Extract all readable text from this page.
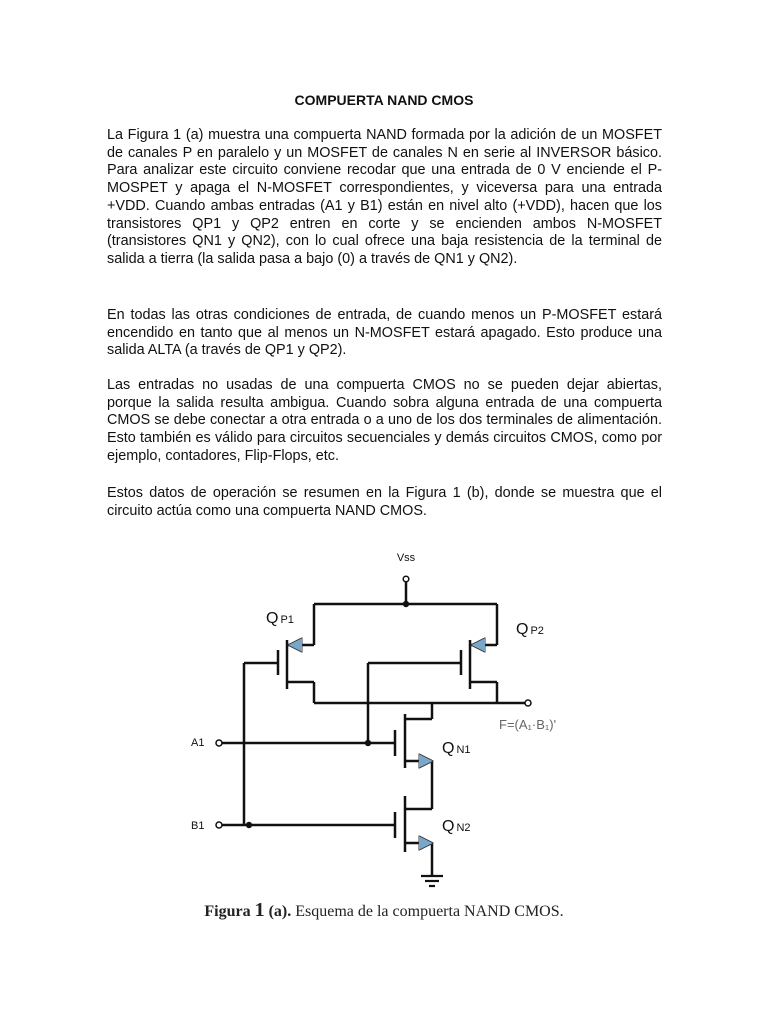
COMPUERTA NAND CMOS

La Figura 1 (a) muestra una compuerta NAND formada por la adición de un MOSFET de canales P en paralelo y un MOSFET de canales N en serie al INVERSOR básico. Para analizar este circuito conviene recodar que una entrada de 0 V enciende el P-MOSPET y apaga el N-MOSFET correspondientes, y viceversa para una entrada +VDD. Cuando ambas entradas (A1 y B1) están en nivel alto (+VDD), hacen que los transistores QP1 y QP2 entren en corte y se encienden ambos N-MOSFET (transistores QN1 y QN2), con lo cual ofrece una baja resistencia de la terminal de salida a tierra (la salida pasa a bajo (0) a través de QN1 y QN2).

En todas las otras condiciones de entrada, de cuando menos un P-MOSFET estará encendido en tanto que al menos un N-MOSFET estará apagado. Esto produce una salida ALTA (a través de QP1 y QP2).

Las entradas no usadas de una compuerta CMOS no se pueden dejar abiertas, porque la salida resulta ambigua. Cuando sobra alguna entrada de una compuerta CMOS se debe conectar a otra entrada o a uno de los dos terminales de alimentación. Esto también es válido para circuitos secuenciales y demás circuitos CMOS, como por ejemplo, contadores, Flip-Flops, etc.

Estos datos de operación se resumen en la Figura 1 (b), donde se muestra que el circuito actúa como una compuerta NAND CMOS.

Vss
Q P1
Q P2
F=(A₁·B₁)'
A1	Q N1
B1	Q N2

Figura 1 (a). Esquema de la compuerta NAND CMOS.
